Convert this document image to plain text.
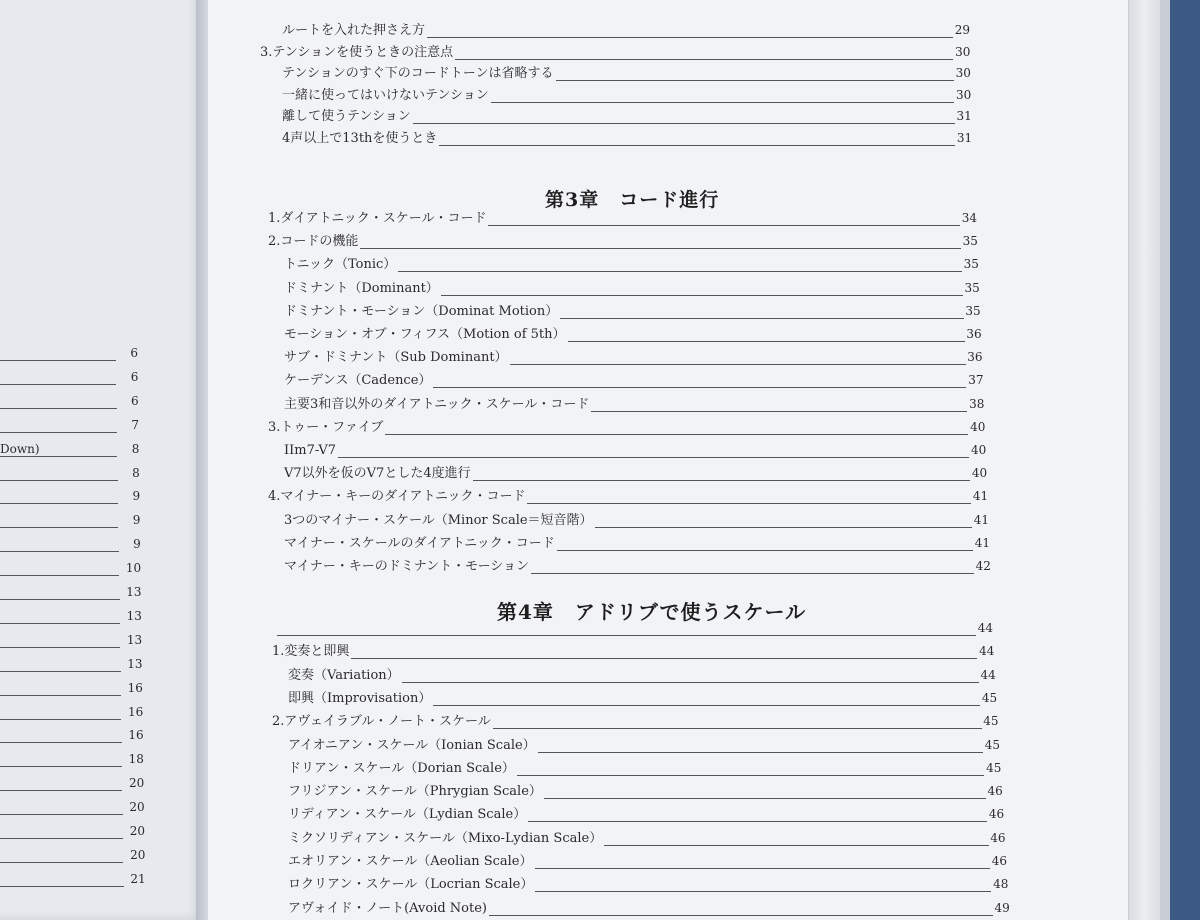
6
6
6
7
Down)	8
8
9
9
9
10
13
13
13
13
16
16
16
18
20
20
20
20
21
ルートを入れた押さえ方	29
3.テンションを使うときの注意点	30
テンションのすぐ下のコードトーンは省略する	30
一緒に使ってはいけないテンション	30
離して使うテンション	31
4声以上で13thを使うとき	31
第3章　コード進行
1.ダイアトニック・スケール・コード	34
2.コードの機能	35
トニック（Tonic）	35
ドミナント（Dominant）	35
ドミナント・モーション（Dominat Motion）	35
モーション・オブ・フィフス（Motion of 5th）	36
サブ・ドミナント（Sub Dominant）	36
ケーデンス（Cadence）	37
主要3和音以外のダイアトニック・スケール・コード	38
3.トゥー・ファイブ	40
IIm7-V7	40
V7以外を仮のV7とした4度進行	40
4.マイナー・キーのダイアトニック・コード	41
3つのマイナー・スケール（Minor Scale＝短音階）	41
マイナー・スケールのダイアトニック・コード	41
マイナー・キーのドミナント・モーション	42
第4章　アドリブで使うスケール
44
1.変奏と即興	44
変奏（Variation）	44
即興（Improvisation）	45
2.アヴェイラブル・ノート・スケール	45
アイオニアン・スケール（Ionian Scale）	45
ドリアン・スケール（Dorian Scale）	45
フリジアン・スケール（Phrygian Scale）	46
リディアン・スケール（Lydian Scale）	46
ミクソリディアン・スケール（Mixo-Lydian Scale）	46
エオリアン・スケール（Aeolian Scale）	46
ロクリアン・スケール（Locrian Scale）	48
アヴォイド・ノート(Avoid Note)	49
